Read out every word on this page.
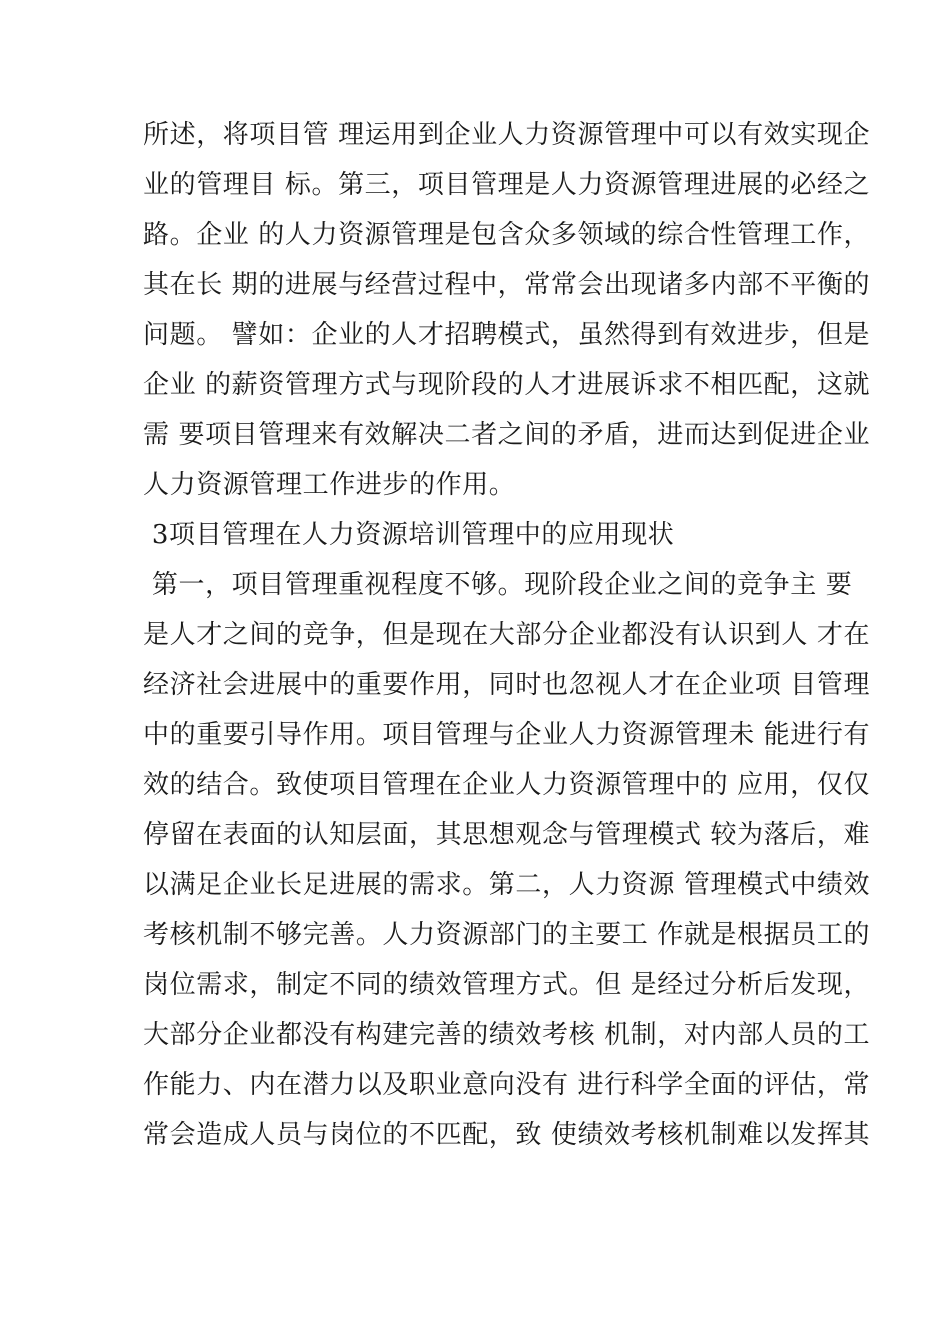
所述，将项目管 理运用到企业人力资源管理中可以有效实现企
业的管理目 标。第三，项目管理是人力资源管理进展的必经之
路。企业 的人力资源管理是包含众多领域的综合性管理工作，
其在长 期的进展与经营过程中，常常会出现诸多内部不平衡的
问题。 譬如：企业的人才招聘模式，虽然得到有效进步，但是
企业 的薪资管理方式与现阶段的人才进展诉求不相匹配，这就
需 要项目管理来有效解决二者之间的矛盾，进而达到促进企业
人力资源管理工作进步的作用。
3项目管理在人力资源培训管理中的应用现状
第一，项目管理重视程度不够。现阶段企业之间的竞争主 要
是人才之间的竞争，但是现在大部分企业都没有认识到人 才在
经济社会进展中的重要作用，同时也忽视人才在企业项 目管理
中的重要引导作用。项目管理与企业人力资源管理未 能进行有
效的结合。致使项目管理在企业人力资源管理中的 应用，仅仅
停留在表面的认知层面，其思想观念与管理模式 较为落后，难
以满足企业长足进展的需求。第二，人力资源 管理模式中绩效
考核机制不够完善。人力资源部门的主要工 作就是根据员工的
岗位需求，制定不同的绩效管理方式。但 是经过分析后发现，
大部分企业都没有构建完善的绩效考核 机制，对内部人员的工
作能力、内在潜力以及职业意向没有 进行科学全面的评估，常
常会造成人员与岗位的不匹配，致 使绩效考核机制难以发挥其
